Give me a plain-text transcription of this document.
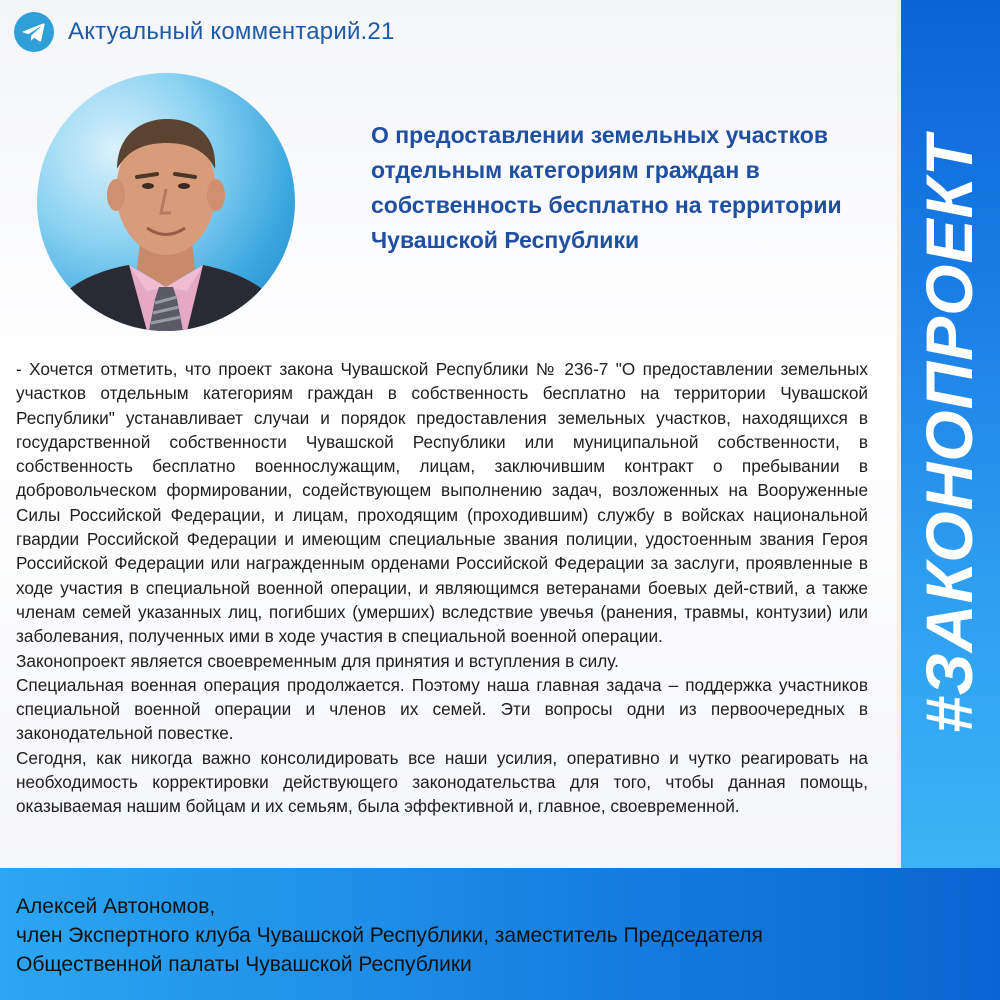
Актуальный комментарий.21
О предоставлении земельных участков отдельным категориям граждан в собственность бесплатно на территории Чувашской Республики

- Хочется отметить, что проект закона Чувашской Республики № 236-7 "О предоставлении земельных участков отдельным категориям граждан в собственность бесплатно на территории Чувашской Республики" устанавливает случаи и порядок предоставления земельных участков, находящихся в государственной собственности Чувашской Республики или муниципальной собственности, в собственность бесплатно военнослужащим, лицам, заключившим контракт о пребывании в добровольческом формировании, содействующем выполнению задач, возложенных на Вооруженные Силы Российской Федерации, и лицам, проходящим (проходившим) службу в войсках национальной гвардии Российской Федерации и имеющим специальные звания полиции, удостоенным звания Героя Российской Федерации или награжденным орденами Российской Федерации за заслуги, проявленные в ходе участия в специальной военной операции, и являющимся ветеранами боевых дей-ствий, а также членам семей указанных лиц, погибших (умерших) вследствие увечья (ранения, травмы, контузии) или заболевания, полученных ими в ходе участия в специальной военной операции.

Законопроект является своевременным для принятия и вступления в силу.

Специальная военная операция продолжается. Поэтому наша главная задача – поддержка участников специальной военной операции и членов их семей. Эти вопросы одни из первоочередных в законодательной повестке.

Сегодня, как никогда важно консолидировать все наши усилия, оперативно и чутко реагировать на необходимость корректировки действующего законодательства для того, чтобы данная помощь, оказываемая нашим бойцам и их семьям, была эффективной и, главное, своевременной.

#ЗАКОНОПРОЕКТ
Алексей Автономов,
член Экспертного клуба Чувашской Республики, заместитель Председателя
Общественной палаты Чувашской Республики
